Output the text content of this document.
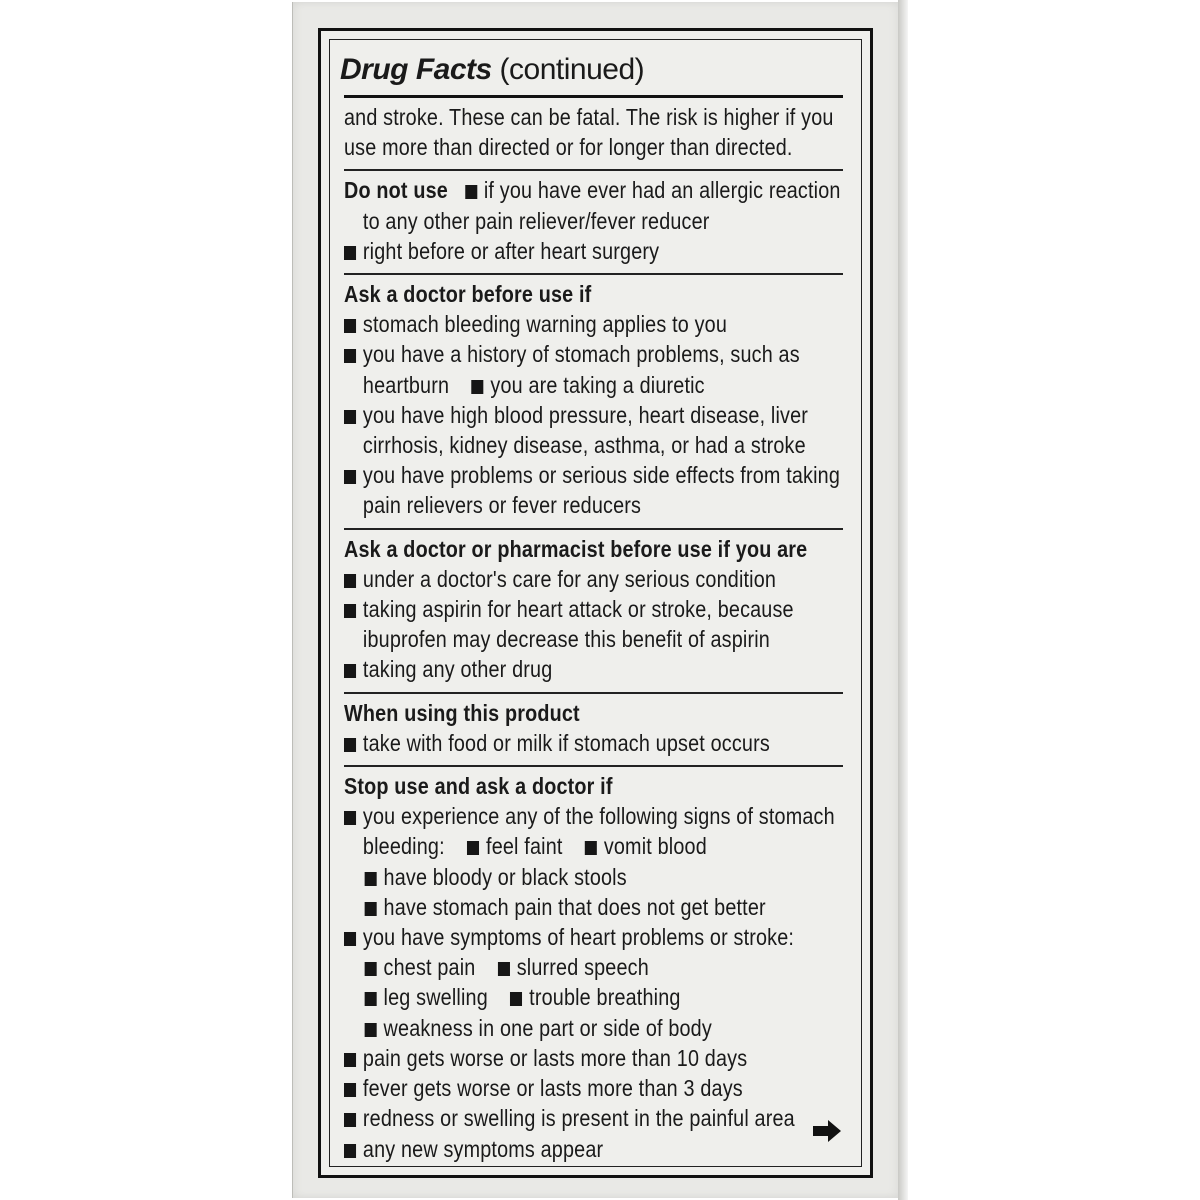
Drug Facts (continued)
and stroke. These can be fatal. The risk is higher if you
use more than directed or for longer than directed.
Do not use if you have ever had an allergic reaction
to any other pain reliever/fever reducer
right before or after heart surgery
Ask a doctor before use if
stomach bleeding warning applies to you
you have a history of stomach problems, such as
heartburn you are taking a diuretic
you have high blood pressure, heart disease, liver
cirrhosis, kidney disease, asthma, or had a stroke
you have problems or serious side effects from taking
pain relievers or fever reducers
Ask a doctor or pharmacist before use if you are
under a doctor's care for any serious condition
taking aspirin for heart attack or stroke, because
ibuprofen may decrease this benefit of aspirin
taking any other drug
When using this product
take with food or milk if stomach upset occurs
Stop use and ask a doctor if
you experience any of the following signs of stomach
bleeding: feel faint vomit blood
have bloody or black stools
have stomach pain that does not get better
you have symptoms of heart problems or stroke:
chest pain slurred speech
leg swelling trouble breathing
weakness in one part or side of body
pain gets worse or lasts more than 10 days
fever gets worse or lasts more than 3 days
redness or swelling is present in the painful area
any new symptoms appear
